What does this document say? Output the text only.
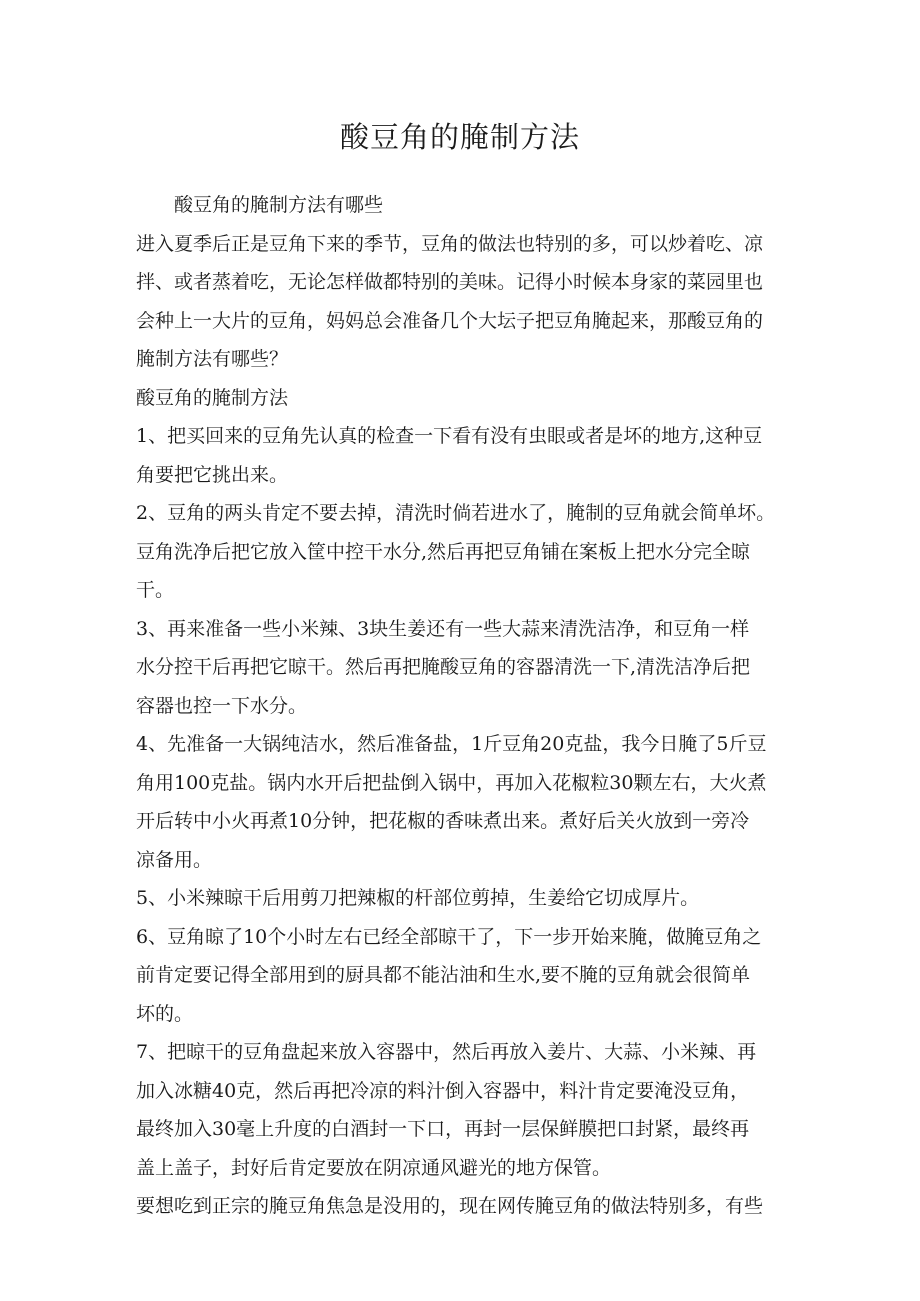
酸豆角的腌制方法

酸豆角的腌制方法有哪些

进入夏季后正是豆角下来的季节，豆角的做法也特别的多，可以炒着吃、凉

拌、或者蒸着吃，无论怎样做都特别的美味。记得小时候本身家的菜园里也

会种上一大片的豆角，妈妈总会准备几个大坛子把豆角腌起来，那酸豆角的

腌制方法有哪些？

酸豆角的腌制方法

1、把买回来的豆角先认真的检查一下看有没有虫眼或者是坏的地方,这种豆

角要把它挑出来。

2、豆角的两头肯定不要去掉，清洗时倘若进水了，腌制的豆角就会简单坏。

豆角洗净后把它放入筐中控干水分,然后再把豆角铺在案板上把水分完全晾

干。

3、再来准备一些小米辣、3块生姜还有一些大蒜来清洗洁净，和豆角一样

水分控干后再把它晾干。然后再把腌酸豆角的容器清洗一下,清洗洁净后把

容器也控一下水分。

4、先准备一大锅纯洁水，然后准备盐，1斤豆角20克盐，我今日腌了5斤豆

角用100克盐。锅内水开后把盐倒入锅中，再加入花椒粒30颗左右，大火煮

开后转中小火再煮10分钟，把花椒的香味煮出来。煮好后关火放到一旁冷

凉备用。

5、小米辣晾干后用剪刀把辣椒的杆部位剪掉，生姜给它切成厚片。

6、豆角晾了10个小时左右已经全部晾干了，下一步开始来腌，做腌豆角之

前肯定要记得全部用到的厨具都不能沾油和生水,要不腌的豆角就会很简单

坏的。

7、把晾干的豆角盘起来放入容器中，然后再放入姜片、大蒜、小米辣、再

加入冰糖40克，然后再把冷凉的料汁倒入容器中，料汁肯定要淹没豆角，

最终加入30毫上升度的白酒封一下口，再封一层保鲜膜把口封紧，最终再

盖上盖子，封好后肯定要放在阴凉通风避光的地方保管。

要想吃到正宗的腌豆角焦急是没用的，现在网传腌豆角的做法特别多，有些
